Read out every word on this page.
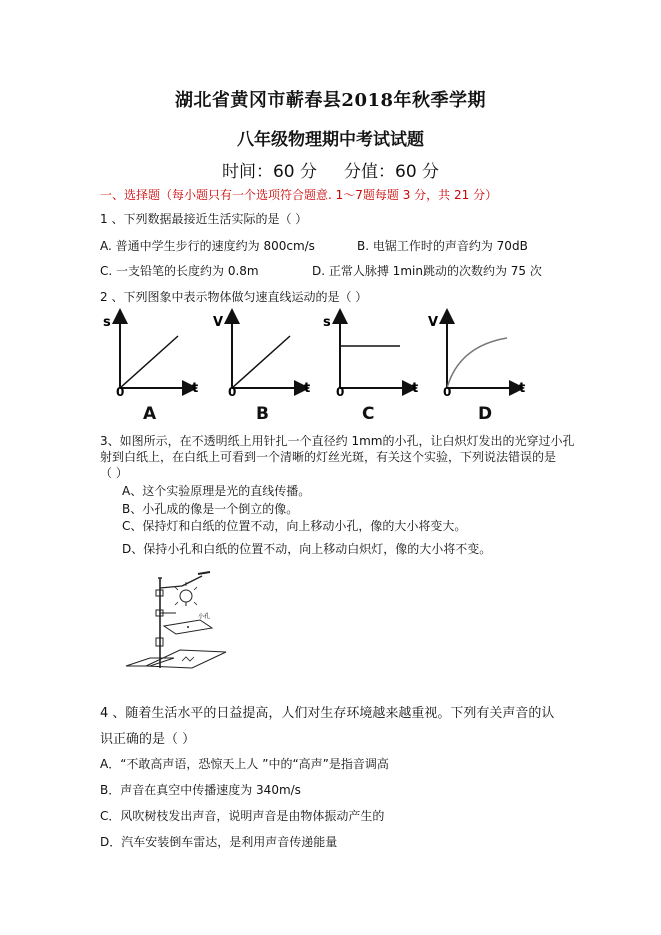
湖北省黄冈市蕲春县2018年秋季学期
八年级物理期中考试试题
时间：60 分     分值：60 分
一、选择题（每小题只有一个选项符合题意. 1～7题每题 3 分，共 21 分）
1 、下列数据最接近生活实际的是（ ）
A. 普通中学生步行的速度约为 800cm/s	B. 电锯工作时的声音约为 70dB
C. 一支铅笔的长度约为 0.8m	D. 正常人脉搏 1min跳动的次数约为 75 次
2 、下列图象中表示物体做匀速直线运动的是（ ）
s
t
0
A
V
t
0
B
s
t
0
C
V
t
0
D
3、如图所示，在不透明纸上用针扎一个直径约 1mm的小孔，让白炽灯发出的光穿过小孔
射到白纸上，在白纸上可看到一个清晰的灯丝光斑，有关这个实验，下列说法错误的是
（ ）
A、这个实验原理是光的直线传播。
B、小孔成的像是一个倒立的像。
C、保持灯和白纸的位置不动，向上移动小孔，像的大小将变大。
D、保持小孔和白纸的位置不动，向上移动白炽灯，像的大小将不变。
小孔
4 、随着生活水平的日益提高，人们对生存环境越来越重视。下列有关声音的认
识正确的是（ ）
A．“不敢高声语，恐惊天上人 ”中的“高声”是指音调高
B．声音在真空中传播速度为 340m/s
C．风吹树枝发出声音，说明声音是由物体振动产生的
D．汽车安装倒车雷达，是利用声音传递能量
